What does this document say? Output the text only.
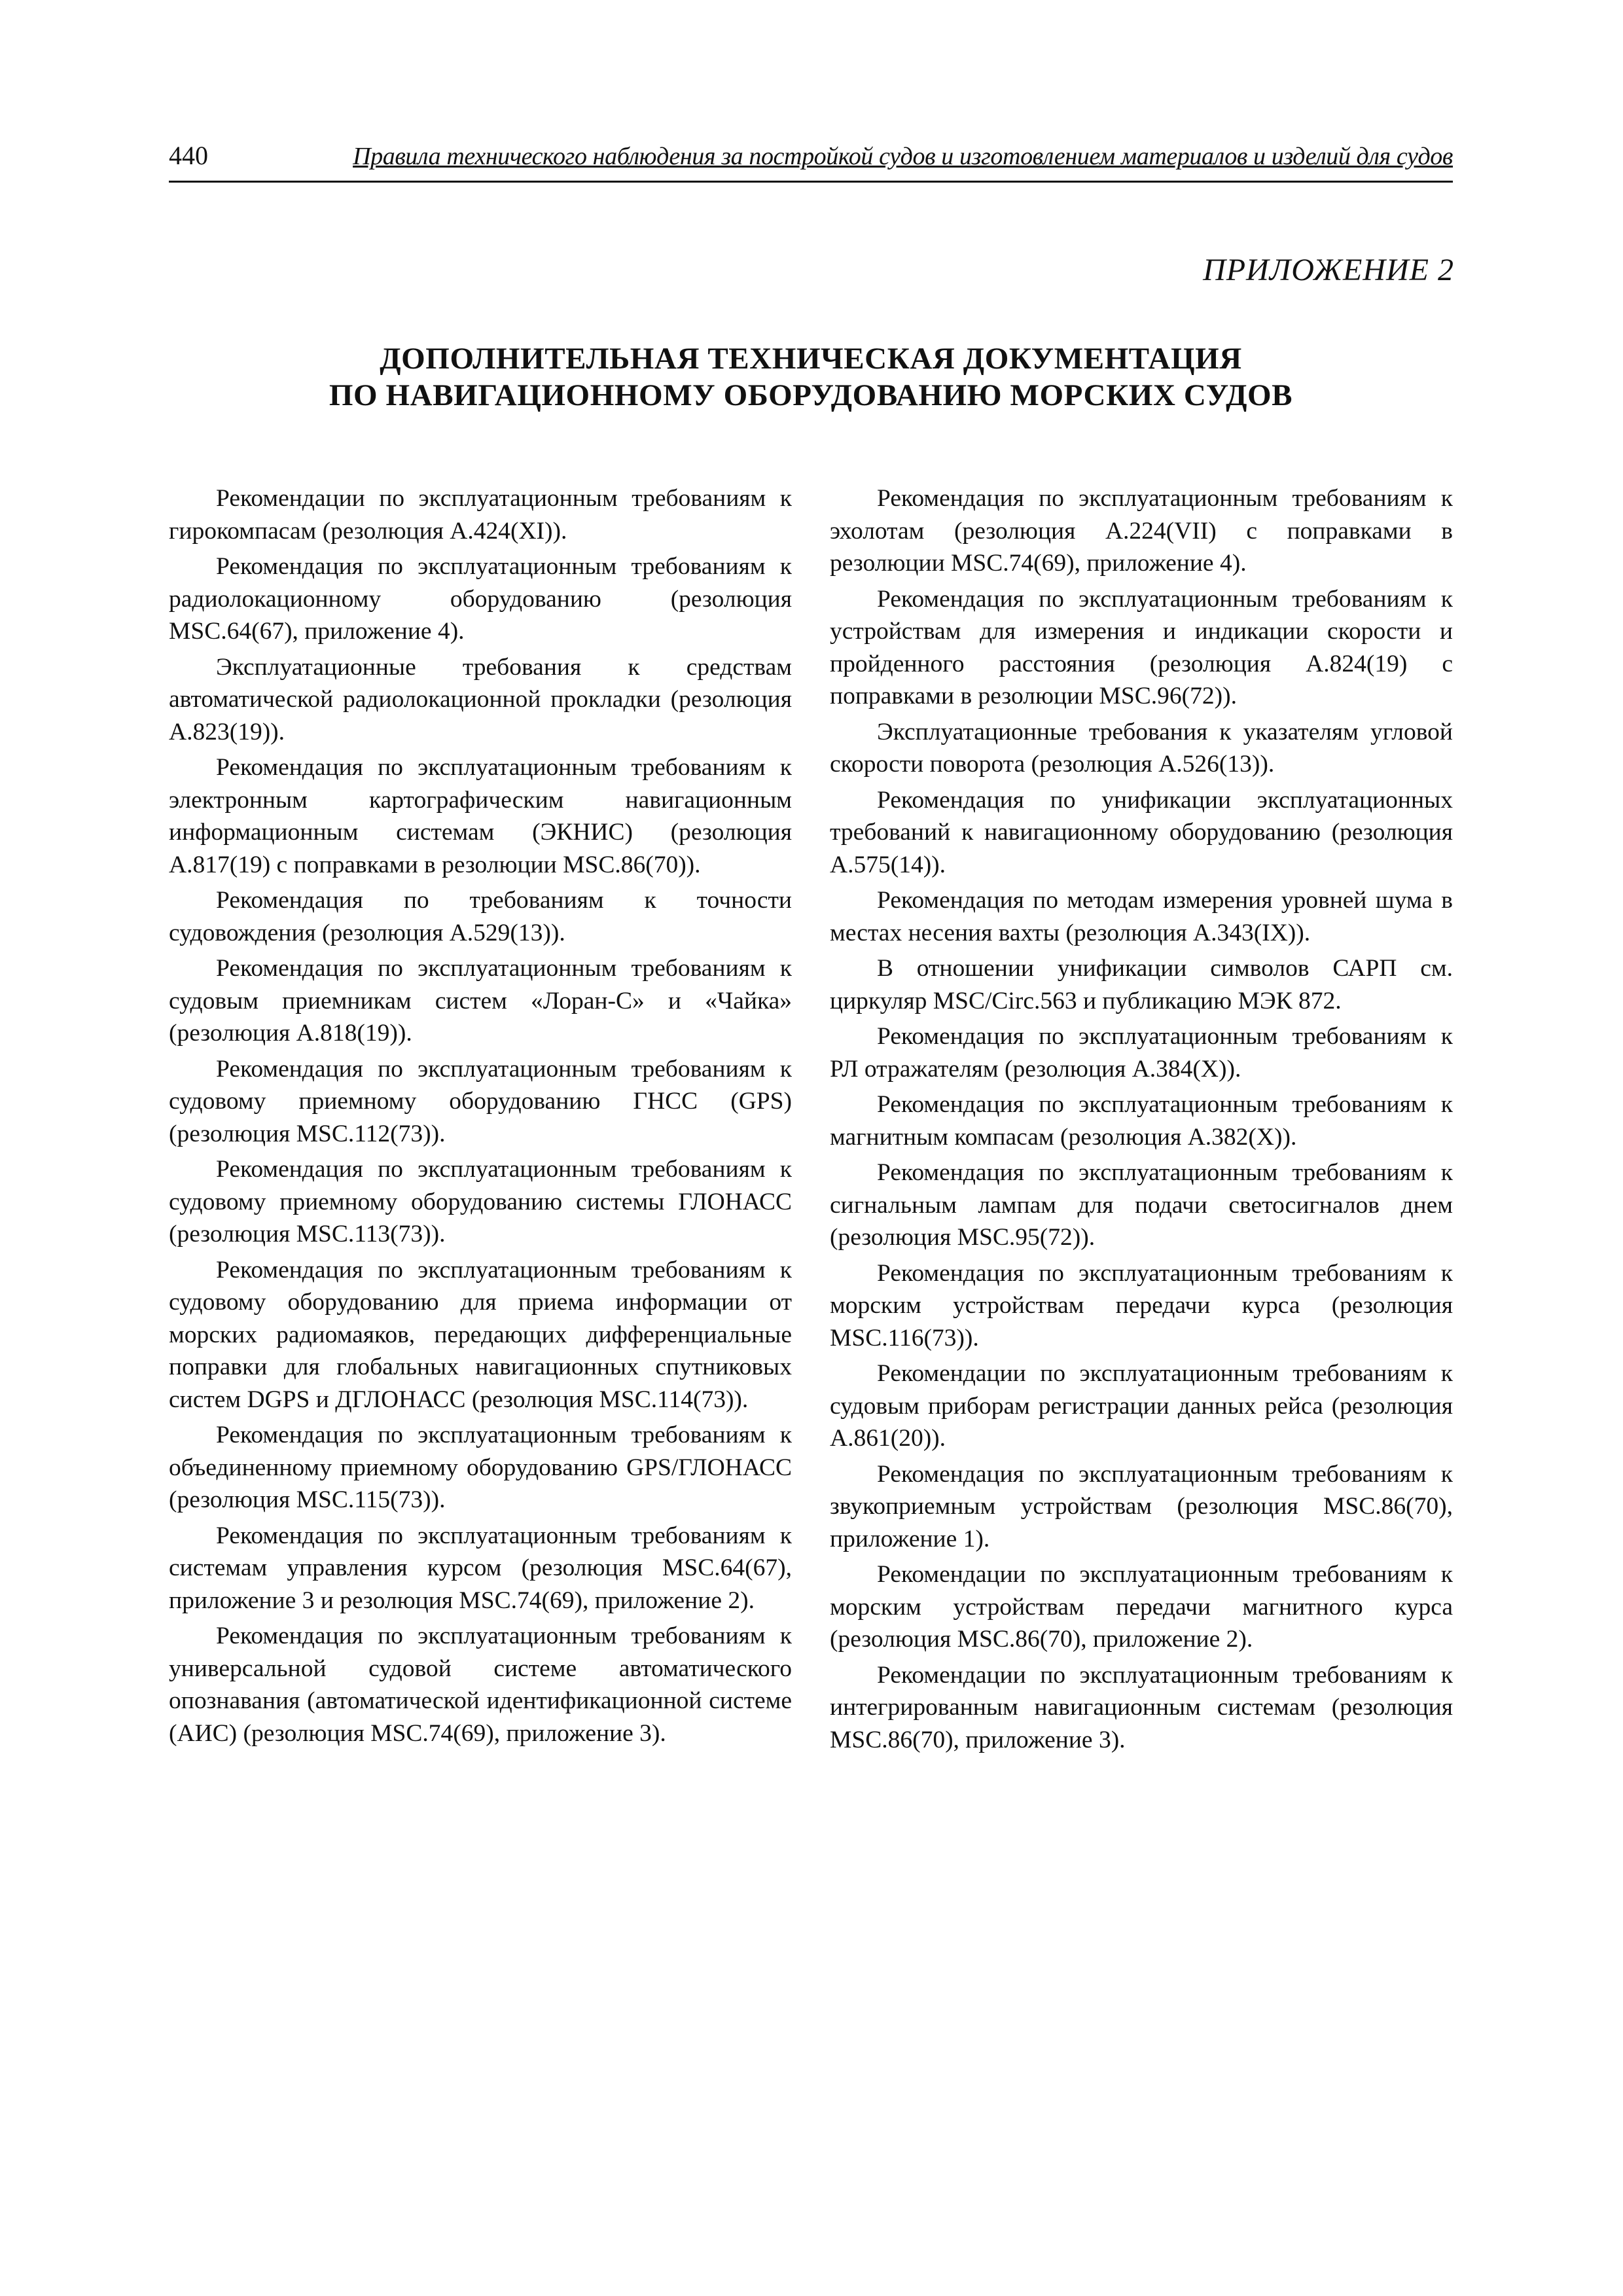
440	Правила технического наблюдения за постройкой судов и изготовлением материалов и изделий для судов
ПРИЛОЖЕНИЕ 2
ДОПОЛНИТЕЛЬНАЯ ТЕХНИЧЕСКАЯ ДОКУМЕНТАЦИЯ
ПО НАВИГАЦИОННОМУ ОБОРУДОВАНИЮ МОРСКИХ СУДОВ

Рекомендации по эксплуатационным требованиям к гирокомпасам (резолюция A.424(XI)).

Рекомендация по эксплуатационным требованиям к радиолокационному оборудованию (резолюция MSC.64(67), приложение 4).

Эксплуатационные требования к средствам автоматической радиолокационной прокладки (резолюция А.823(19)).

Рекомендация по эксплуатационным требованиям к электронным картографическим навигационным информационным системам (ЭКНИС) (резолюция А.817(19) с поправками в резолюции MSC.86(70)).

Рекомендация по требованиям к точности судовождения (резолюция А.529(13)).

Рекомендация по эксплуатационным требованиям к судовым приемникам систем «Лоран-С» и «Чайка» (резолюция А.818(19)).

Рекомендация по эксплуатационным требованиям к судовому приемному оборудованию ГНСС (GPS) (резолюция MSC.112(73)).

Рекомендация по эксплуатационным требованиям к судовому приемному оборудованию системы ГЛОНАСС (резолюция MSC.113(73)).

Рекомендация по эксплуатационным требованиям к судовому оборудованию для приема информации от морских радиомаяков, передающих дифференциальные поправки для глобальных навигационных спутниковых систем DGPS и ДГЛОНАСС (резолюция MSC.114(73)).

Рекомендация по эксплуатационным требованиям к объединенному приемному оборудованию GPS/ГЛОНАСС (резолюция MSC.115(73)).

Рекомендация по эксплуатационным требованиям к системам управления курсом (резолюция MSC.64(67), приложение 3 и резолюция MSC.74(69), приложение 2).

Рекомендация по эксплуатационным требованиям к универсальной судовой системе автоматического опознавания (автоматической идентификационной системе (АИС) (резолюция MSC.74(69), приложение 3).

Рекомендация по эксплуатационным требованиям к эхолотам (резолюция A.224(VII) с поправками в резолюции MSC.74(69), приложение 4).

Рекомендация по эксплуатационным требованиям к устройствам для измерения и индикации скорости и пройденного расстояния (резолюция А.824(19) с поправками в резолюции MSC.96(72)).

Эксплуатационные требования к указателям угловой скорости поворота (резолюция А.526(13)).

Рекомендация по унификации эксплуатационных требований к навигационному оборудованию (резолюция А.575(14)).

Рекомендация по методам измерения уровней шума в местах несения вахты (резолюция A.343(IX)).

В отношении унификации символов САРП см. циркуляр MSC/Circ.563 и публикацию МЭК 872.

Рекомендация по эксплуатационным требованиям к РЛ отражателям (резолюция A.384(X)).

Рекомендация по эксплуатационным требованиям к магнитным компасам (резолюция A.382(X)).

Рекомендация по эксплуатационным требованиям к сигнальным лампам для подачи светосигналов днем (резолюция MSC.95(72)).

Рекомендация по эксплуатационным требованиям к морским устройствам передачи курса (резолюция MSC.116(73)).

Рекомендации по эксплуатационным требованиям к судовым приборам регистрации данных рейса (резолюция А.861(20)).

Рекомендация по эксплуатационным требованиям к звукоприемным устройствам (резолюция MSC.86(70), приложение 1).

Рекомендации по эксплуатационным требованиям к морским устройствам передачи магнитного курса (резолюция MSC.86(70), приложение 2).

Рекомендации по эксплуатационным требованиям к интегрированным навигационным системам (резолюция MSC.86(70), приложение 3).
